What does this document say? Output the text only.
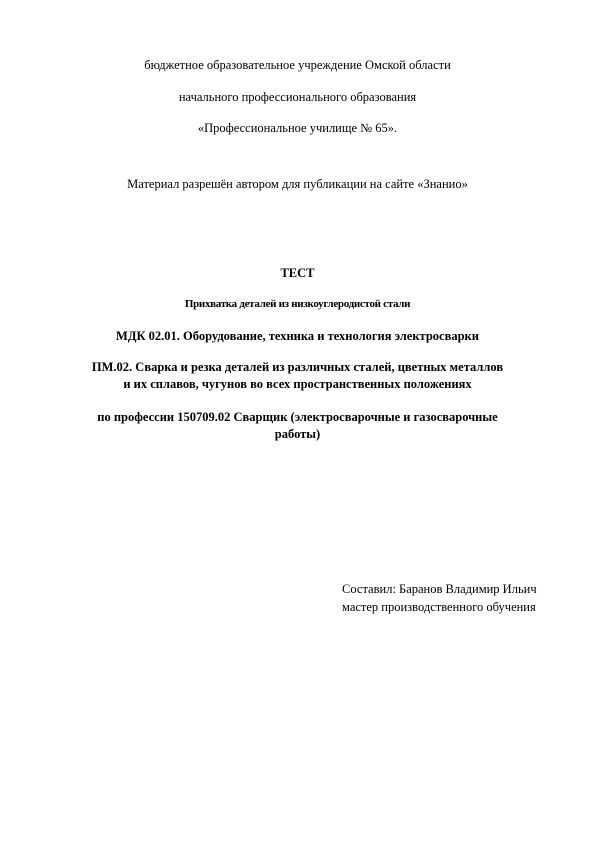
бюджетное образовательное учреждение Омской области
начального профессионального образования
«Профессиональное училище № 65».
Материал разрешён автором для публикации на сайте «Знанио»
ТЕСТ
Прихватка деталей из низкоуглеродистой стали
МДК 02.01. Оборудование, техника и технология электросварки
ПМ.02. Сварка и резка деталей из различных сталей, цветных металлов
и их сплавов, чугунов во всех пространственных положениях
по профессии 150709.02 Сварщик (электросварочные и газосварочные
работы)
Составил: Баранов Владимир Ильич
мастер производственного обучения
